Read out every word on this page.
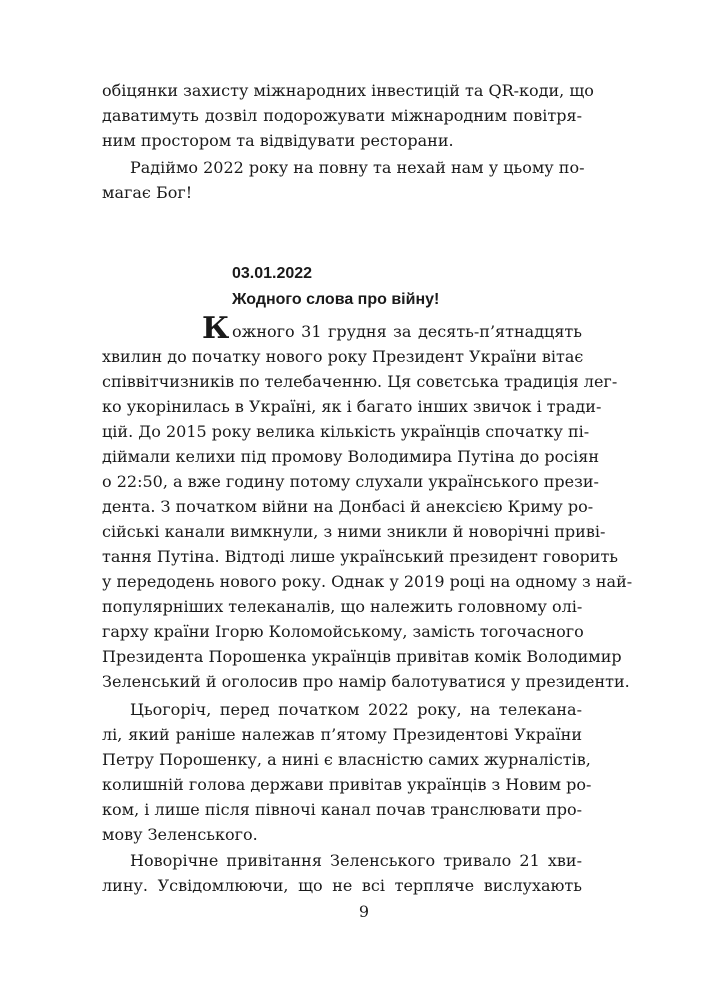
обіцянки захисту міжнародних інвестицій та QR-коди, що
даватимуть дозвіл подорожувати міжнародним повітря-
ним простором та відвідувати ресторани.
Радіймо 2022 року на повну та нехай нам у цьому по-
магає Бог!
03.01.2022
Жодного слова про війну!
К ожного 31 грудня за десять-п’ятнадцять
хвилин до початку нового року Президент України вітає
співвітчизників по телебаченню. Ця совєтська традиція лег-
ко укорінилась в Україні, як і багато інших звичок і тради-
цій. До 2015 року велика кількість українців спочатку пі-
діймали келихи під промову Володимира Путіна до росіян
о 22:50, а вже годину потому слухали українського прези-
дента. З початком війни на Донбасі й анексією Криму ро-
сійські канали вимкнули, з ними зникли й новорічні приві-
тання Путіна. Відтоді лише український президент говорить
у передодень нового року. Однак у 2019 році на одному з най-
популярніших телеканалів, що належить головному олі-
гарху країни Ігорю Коломойському, замість тогочасного
Президента Порошенка українців привітав комік Володимир
Зеленський й оголосив про намір балотуватися у президенти.
Цьогоріч, перед початком 2022 року, на телекана-
лі, який раніше належав п’ятому Президентові України
Петру Порошенку, а нині є власністю самих журналістів,
колишній голова держави привітав українців з Новим ро-
ком, і лише після півночі канал почав транслювати про-
мову Зеленського.
Новорічне привітання Зеленського тривало 21 хви-
лину. Усвідомлюючи, що не всі терпляче вислухають
9
